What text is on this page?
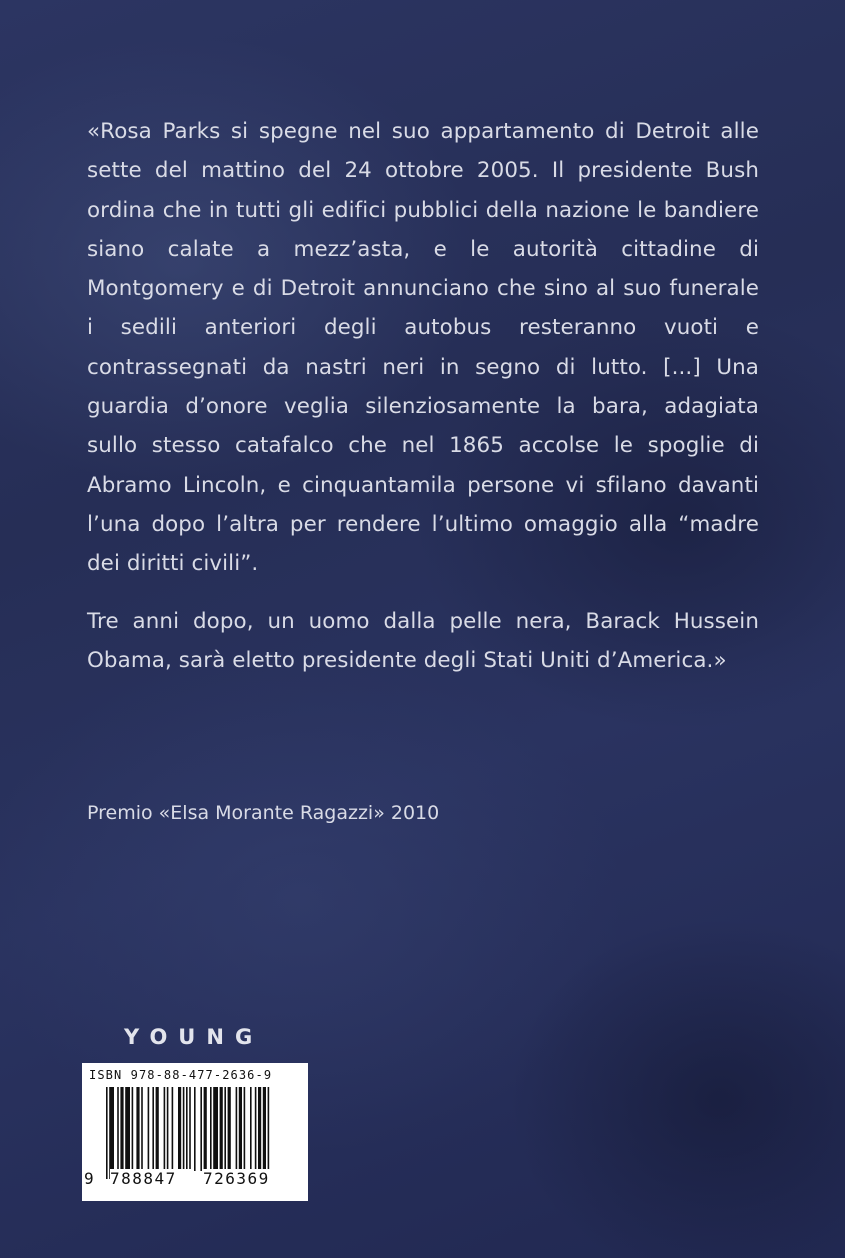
«Rosa Parks si spegne nel suo appartamento di Detroit alle sette del mattino del 24 ottobre 2005. Il presidente Bush ordina che in tutti gli edifici pubblici della nazione le bandiere siano calate a mezz’asta, e le autorità cittadine di Montgomery e di Detroit annunciano che sino al suo funerale i sedili anteriori degli autobus resteranno vuoti e contrassegnati da nastri neri in segno di lutto. [...] Una guardia d’onore veglia silenziosamente la bara, adagiata sullo stesso catafalco che nel 1865 accolse le spoglie di Abramo Lincoln, e cinquantamila persone vi sfilano davanti l’una dopo l’altra per rendere l’ultimo omaggio alla “madre dei diritti civili”.

Tre anni dopo, un uomo dalla pelle nera, Barack Hussein Obama, sarà eletto presidente degli Stati Uniti d’America.»

Premio «Elsa Morante Ragazzi» 2010
YOUNG
ISBN 978-88-477-2636-9
9 788847	726369
